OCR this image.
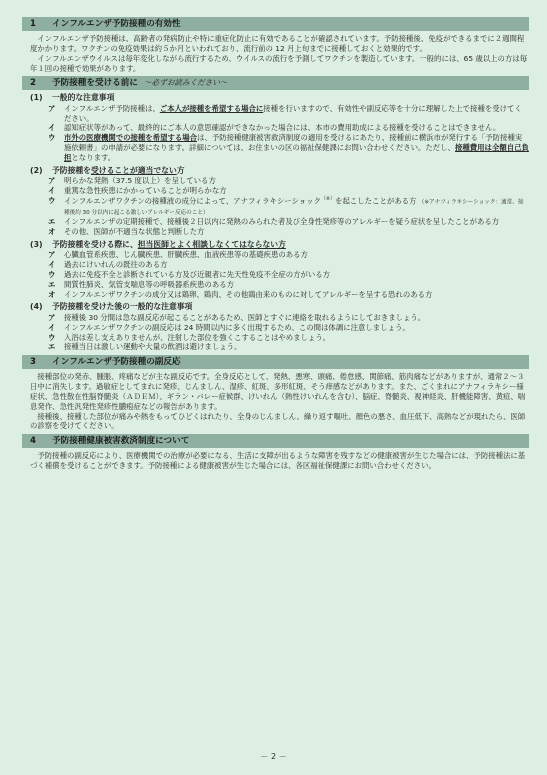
1 インフルエンザ予防接種の有効性

インフルエンザ予防接種は、高齢者の発病防止や特に重症化防止に有効であることが確認されています。予防接種後、免疫ができるまでに２週間程度かかります。ワクチンの免疫効果は約５か月といわれており、流行前の 12 月上旬までに接種しておくと効果的です。

インフルエンザウイルスは毎年変化しながら流行するため、ウイルスの流行を予測してワクチンを製造しています。一般的には、65 歳以上の方は毎年１回の接種で効果があります。

2 予防接種を受ける前に ～必ずお読みください～
(1) 一般的な注意事項
ア	インフルエンザ予防接種は、ご本人が接種を希望する場合に接種を行いますので、有効性や副反応等を十分に理解した上で接種を受けてください。
イ	認知症状等があって、最終的にご本人の意思確認ができなかった場合には、本市の費用助成による接種を受けることはできません。
ウ	市外の医療機関での接種を希望する場合は、予防接種健康被害救済制度の適用を受けるにあたり、接種前に横浜市が発行する「予防接種実施依頼書」の申請が必要になります。詳細については、お住まいの区の福祉保健課にお問い合わせください。ただし、接種費用は全額自己負担となります。
(2) 予防接種を受けることが適当でない方
ア	明らかな発熱（37.5 度以上）を呈している方
イ	重篤な急性疾患にかかっていることが明らかな方
ウ	インフルエンザワクチンの接種液の成分によって、アナフィラキシーショック（※）を起こしたことがある方 （※アナフィラキシーショック：通常、接種後約 30 分以内に起こる激しいアレルギー反応のこと）
エ	インフルエンザの定期接種で、接種後２日以内に発熱のみられた者及び全身性発疹等のアレルギーを疑う症状を呈したことがある方
オ	その他、医師が不適当な状態と判断した方
(3) 予防接種を受ける際に、担当医師とよく相談しなくてはならない方
ア	心臓血管系疾患、じん臓疾患、肝臓疾患、血液疾患等の基礎疾患のある方
イ	過去にけいれんの既往のある方
ウ	過去に免疫不全と診断されている方及び近親者に先天性免疫不全症の方がいる方
エ	間質性肺炎、気管支喘息等の呼吸器系疾患のある方
オ	インフルエンザワクチンの成分又は鶏卵、鶏肉、その他鶏由来のものに対してアレルギーを呈する恐れのある方
(4) 予防接種を受けた後の一般的な注意事項
ア	接種後 30 分間は急な副反応が起こることがあるため、医師とすぐに連絡を取れるようにしておきましょう。
イ	インフルエンザワクチンの副反応は 24 時間以内に多く出現するため、この間は体調に注意しましょう。
ウ	入浴は差し支えありませんが、注射した部位を強くこすることはやめましょう。
エ	接種当日は激しい運動や大量の飲酒は避けましょう。
3 インフルエンザ予防接種の副反応

接種部位の発赤、腫脹、疼痛などが主な副反応です。全身反応として、発熱、悪寒、頭痛、倦怠感、関節痛、筋肉痛などがありますが、通常２～３日中に消失します。過敏症としてまれに発疹、じんましん、湿疹、紅斑、多形紅斑、そう痒感などがあります。また、ごくまれにアナフィラキシー様症状、急性散在性脳脊髄炎（ＡＤＥＭ）、ギラン・バレー症候群、けいれん（熱性けいれんを含む）、脳症、脊髄炎、視神経炎、肝機能障害、黄疸、喘息発作、急性汎発性発疹性膿疱症などの報告があります。

接種後、接種した部位が痛みや熱をもってひどくはれたり、全身のじんましん、繰り返す嘔吐、顔色の悪さ、血圧低下、高熱などが現れたら、医師の診察を受けてください。

4 予防接種健康被害救済制度について

予防接種の副反応により、医療機関での治療が必要になる、生活に支障が出るような障害を残すなどの健康被害が生じた場合には、予防接種法に基づく補償を受けることができます。予防接種による健康被害が生じた場合には、各区福祉保健課にお問い合わせください。

－ 2 －
